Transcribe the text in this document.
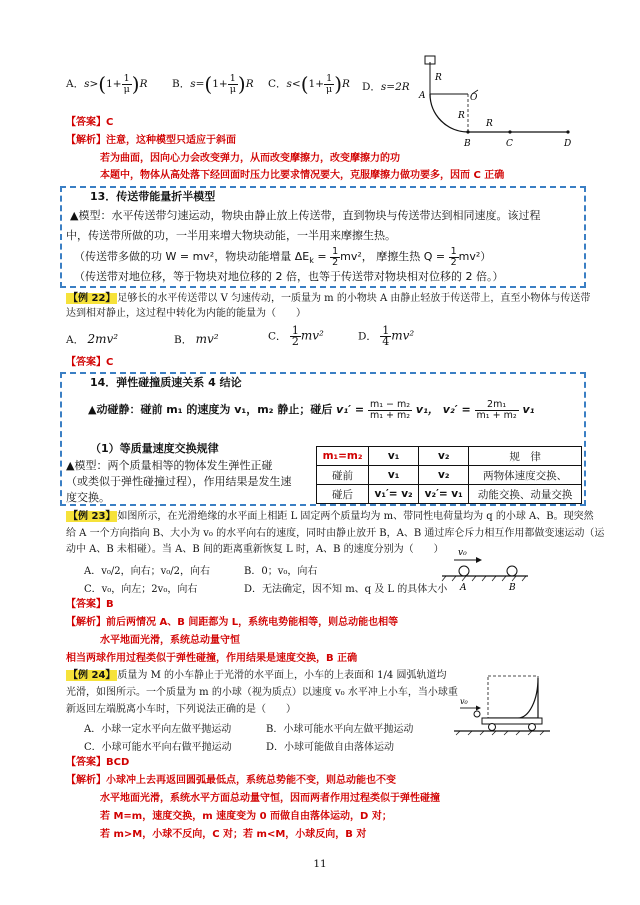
A．$s>(1+ \frac{1}{\mu} )R$ B．$s=(1+ \frac{1}{\mu} )R$ C．$s<(1+ \frac{1}{\mu} )R$ D．s=2R
R
A	O
R
R
B	C	D
【答案】C
【解析】注意，这种模型只适应于斜面
若为曲面，因向心力会改变弹力，从而改变摩擦力，改变摩擦力的功
本题中，物体从高处落下经回面时压力比要求情况要大，克服摩擦力做功要多，因而 C 正确
13．传送带能量折半模型
▲模型：水平传送带匀速运动，物块由静止放上传送带，直到物块与传送带达到相同速度。该过程
中，传送带所做的功，一半用来增大物块动能，一半用来摩擦生热。
（传送带多做的功 W = mv²，物块动能增量 $\Delta E_k = \frac{1}{2} mv^2$， 摩擦生热 $Q = \frac{1}{2} mv^2$）
（传送带对地位移，等于物块对地位移的 2 倍，也等于传送带对物块相对位移的 2 倍。）
【例 22】 足够长的水平传送带以 V 匀速传动，一质量为 m 的小物块 A 由静止轻放于传送带上，直至小物体与传送带
达到相对静止，这过程中转化为内能的能量为（　　）
A． 2mv²	B． mv²	C． $\frac{1}{2} mv^2$	D． $\frac{1}{4} mv^2$
【答案】C
14．弹性碰撞质速关系 4 结论
▲动碰静：碰前 m₁ 的速度为 v₁，m₂ 静止；碰后 $v_1' = \frac{\text{m₁ − m₂}}{\text{m₁ + m₂}} v_1$， $v_2' = \frac{\text{2m₁}}{\text{m₁ + m₂}} v_1$
（1）等质量速度交换规律
▲模型：两个质量相等的物体发生弹性正碰
（或类似于弹性碰撞过程），作用结果是发生速
度交换。
m₁=m₂	v₁	v₂	规　律
碰前	v₁	v₂	两物体速度交换、
碰后	v₁′= v₂	v₂′= v₁	动能交换、动量交换
【例 23】 如图所示，在光滑绝缘的水平面上相距 L 固定两个质量均为 m、带同性电荷量均为 q 的小球 A、B。现突然
给 A 一个方向指向 B、大小为 v₀ 的水平向右的速度，同时由静止放开 B，A、B 通过库仑斥力相互作用都做变速运动（运
动中 A、B 未相碰）。当 A、B 间的距离重新恢复 L 时，A、B 的速度分别为（　　）
A．v₀/2，向右；v₀/2，向右	B．0；v₀，向右
C．v₀，向左；2v₀，向右	D．无法确定，因不知 m、q 及 L 的具体大小
v₀
A	B
【答案】B
【解析】前后两情况 A、B 间距都为 L，系统电势能相等，则总动能也相等
水平地面光滑，系统总动量守恒
相当两球作用过程类似于弹性碰撞，作用结果是速度交换，B 正确
【例 24】 质量为 M 的小车静止于光滑的水平面上，小车的上表面和 1/4 圆弧轨道均
光滑，如图所示。一个质量为 m 的小球（视为质点）以速度 v₀ 水平冲上小车，当小球重
新返回左端脱离小车时，下列说法正确的是（　　）
A．小球一定水平向左做平抛运动	B．小球可能水平向左做平抛运动
C．小球可能水平向右做平抛运动	D．小球可能做自由落体运动
v₀
【答案】BCD
【解析】小球冲上去再返回圆弧最低点，系统总势能不变，则总动能也不变
水平地面光滑，系统水平方面总动量守恒，因而两者作用过程类似于弹性碰撞
若 M=m，速度交换，m 速度变为 0 而做自由落体运动，D 对；
若 m>M，小球不反向，C 对；若 m<M，小球反向，B 对
11
